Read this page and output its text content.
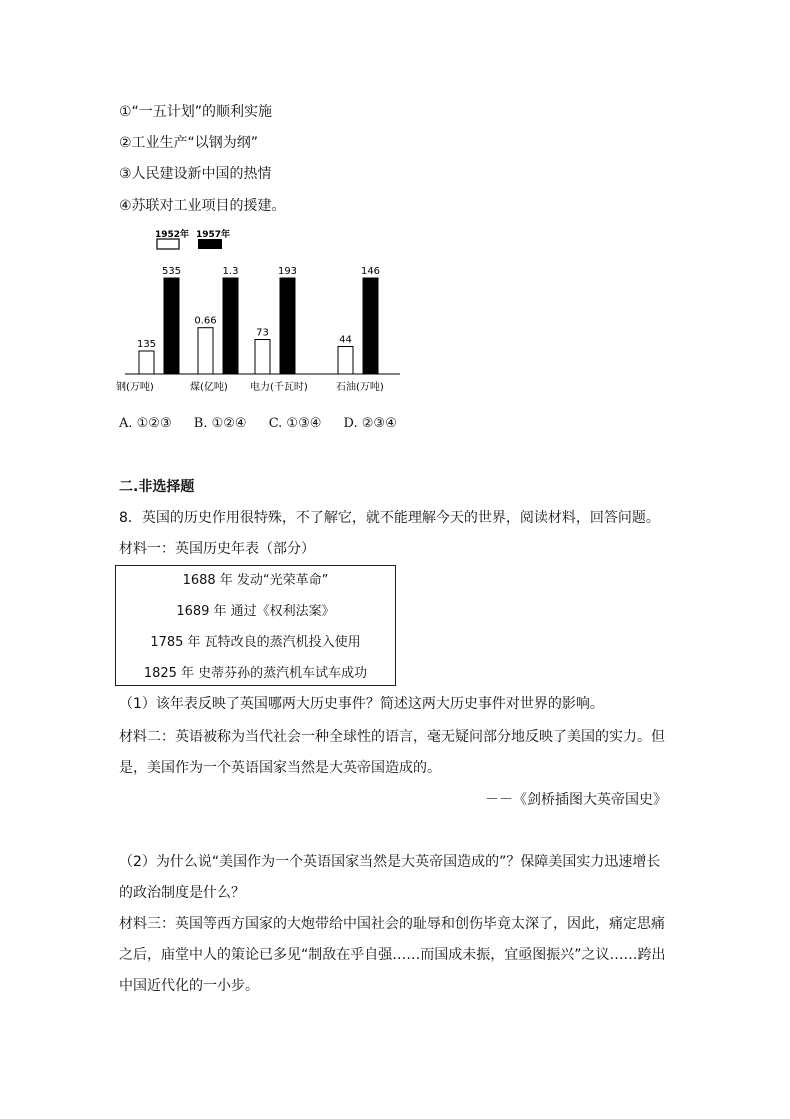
①“一五计划”的顺利实施
②工业生产“以钢为纲”
③人民建设新中国的热情
④苏联对工业项目的援建。
1952年 1957年
135
535
0.66
1.3
73
193
44
146
钢(万吨)	煤(亿吨) 电力(千瓦时)	石油(万吨)
A. ①②③ B. ①②④ C. ①③④ D. ②③④
二.非选择题
8．英国的历史作用很特殊，不了解它，就不能理解今天的世界，阅读材料，回答问题。
材料一：英国历史年表（部分）
1688 年 发动“光荣革命”
1689 年 通过《权利法案》
1785 年 瓦特改良的蒸汽机投入使用
1825 年 史蒂芬孙的蒸汽机车试车成功
（1）该年表反映了英国哪两大历史事件？简述这两大历史事件对世界的影响。
材料二：英语被称为当代社会一种全球性的语言，毫无疑问部分地反映了美国的实力。但是，美国作为一个英语国家当然是大英帝国造成的。
－－《剑桥插图大英帝国史》
（2）为什么说“美国作为一个英语国家当然是大英帝国造成的”？保障美国实力迅速增长的政治制度是什么？
材料三：英国等西方国家的大炮带给中国社会的耻辱和创伤毕竟太深了，因此，痛定思痛之后，庙堂中人的策论已多见“制敌在乎自强……而国成未振，宜亟图振兴”之议……跨出中国近代化的一小步。
